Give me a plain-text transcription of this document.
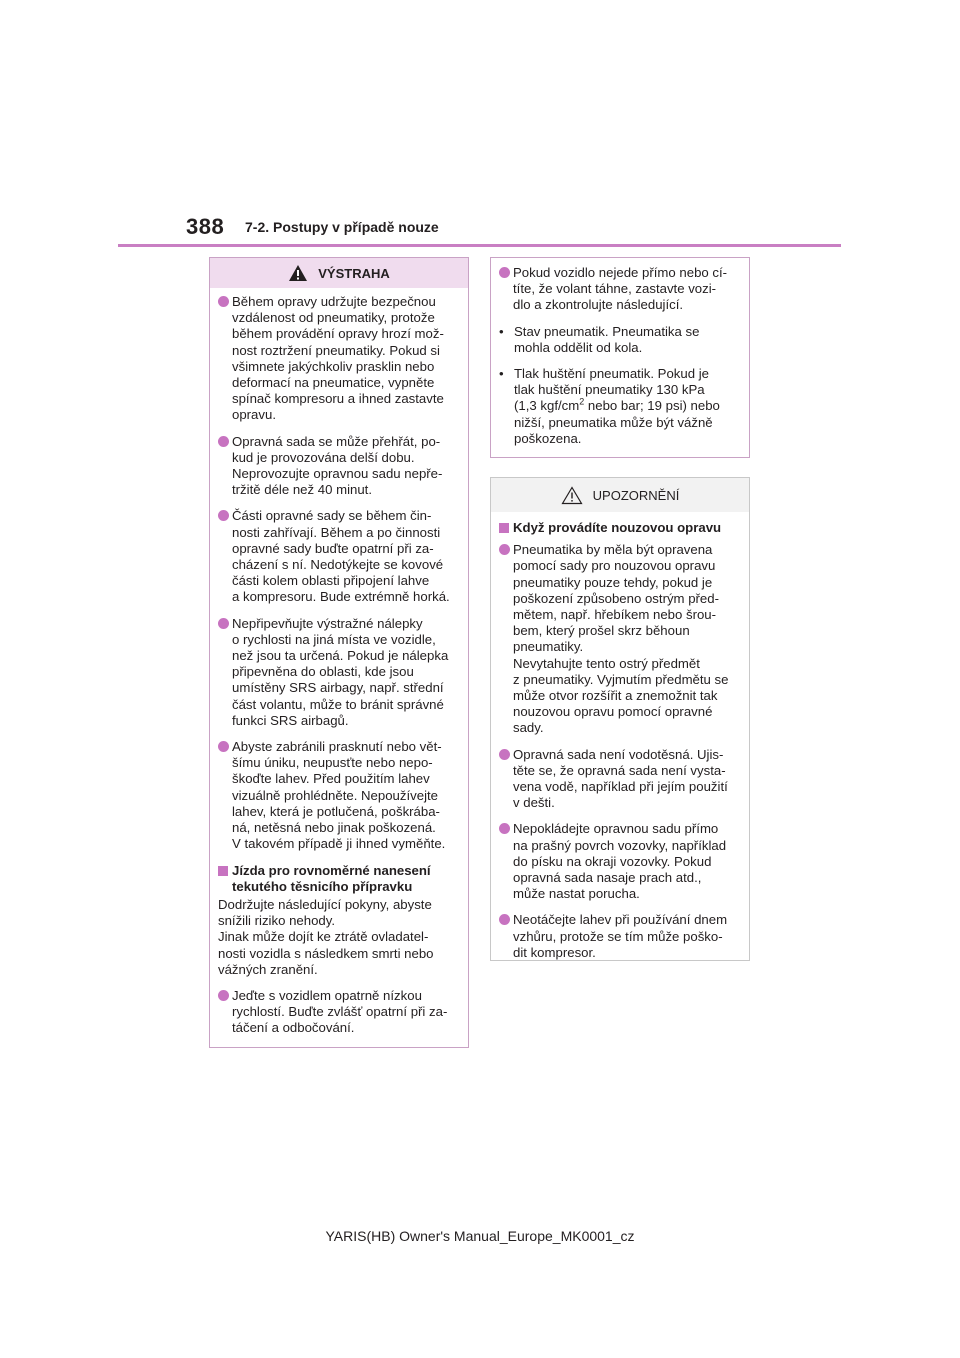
388 7-2. Postupy v případě nouze
VÝSTRAHA
Během opravy udržujte bezpečnou
vzdálenost od pneumatiky, protože
během provádění opravy hrozí mož-
nost roztržení pneumatiky. Pokud si
všimnete jakýchkoliv prasklin nebo
deformací na pneumatice, vypněte
spínač kompresoru a ihned zastavte
opravu.
Opravná sada se může přehřát, po-
kud je provozována delší dobu.
Neprovozujte opravnou sadu nepře-
tržitě déle než 40 minut.
Části opravné sady se během čin-
nosti zahřívají. Během a po činnosti
opravné sady buďte opatrní při za-
cházení s ní. Nedotýkejte se kovové
části kolem oblasti připojení lahve
a kompresoru. Bude extrémně horká.
Nepřipevňujte výstražné nálepky
o rychlosti na jiná místa ve vozidle,
než jsou ta určená. Pokud je nálepka
připevněna do oblasti, kde jsou
umístěny SRS airbagy, např. střední
část volantu, může to bránit správné
funkci SRS airbagů.
Abyste zabránili prasknutí nebo vět-
šímu úniku, neupusťte nebo nepo-
škoďte lahev. Před použitím lahev
vizuálně prohlédněte. Nepoužívejte
lahev, která je potlučená, poškrába-
ná, netěsná nebo jinak poškozená.
V takovém případě ji ihned vyměňte.
Jízda pro rovnoměrné nanesení
tekutého těsnicího přípravku
Dodržujte následující pokyny, abyste
snížili riziko nehody.
Jinak může dojít ke ztrátě ovladatel-
nosti vozidla s následkem smrti nebo
vážných zranění.
Jeďte s vozidlem opatrně nízkou
rychlostí. Buďte zvlášť opatrní při za-
táčení a odbočování.
Pokud vozidlo nejede přímo nebo cí-
títe, že volant táhne, zastavte vozi-
dlo a zkontrolujte následující.
• Stav pneumatik. Pneumatika se
mohla oddělit od kola.
• Tlak huštění pneumatik. Pokud je
tlak huštění pneumatiky 130 kPa
(1,3 kgf/$cm^2$ nebo bar; 19 psi) nebo
nižší, pneumatika může být vážně
poškozena.
UPOZORNĚNÍ
Když provádíte nouzovou opravu
Pneumatika by měla být opravena
pomocí sady pro nouzovou opravu
pneumatiky pouze tehdy, pokud je
poškození způsobeno ostrým před-
mětem, např. hřebíkem nebo šrou-
bem, který prošel skrz běhoun
pneumatiky.
Nevytahujte tento ostrý předmět
z pneumatiky. Vyjmutím předmětu se
může otvor rozšířit a znemožnit tak
nouzovou opravu pomocí opravné
sady.
Opravná sada není vodotěsná. Ujis-
těte se, že opravná sada není vysta-
vena vodě, například při jejím použití
v dešti.
Nepokládejte opravnou sadu přímo
na prašný povrch vozovky, například
do písku na okraji vozovky. Pokud
opravná sada nasaje prach atd.,
může nastat porucha.
Neotáčejte lahev při používání dnem
vzhůru, protože se tím může poško-
dit kompresor.
YARIS(HB) Owner's Manual_Europe_MK0001_cz
